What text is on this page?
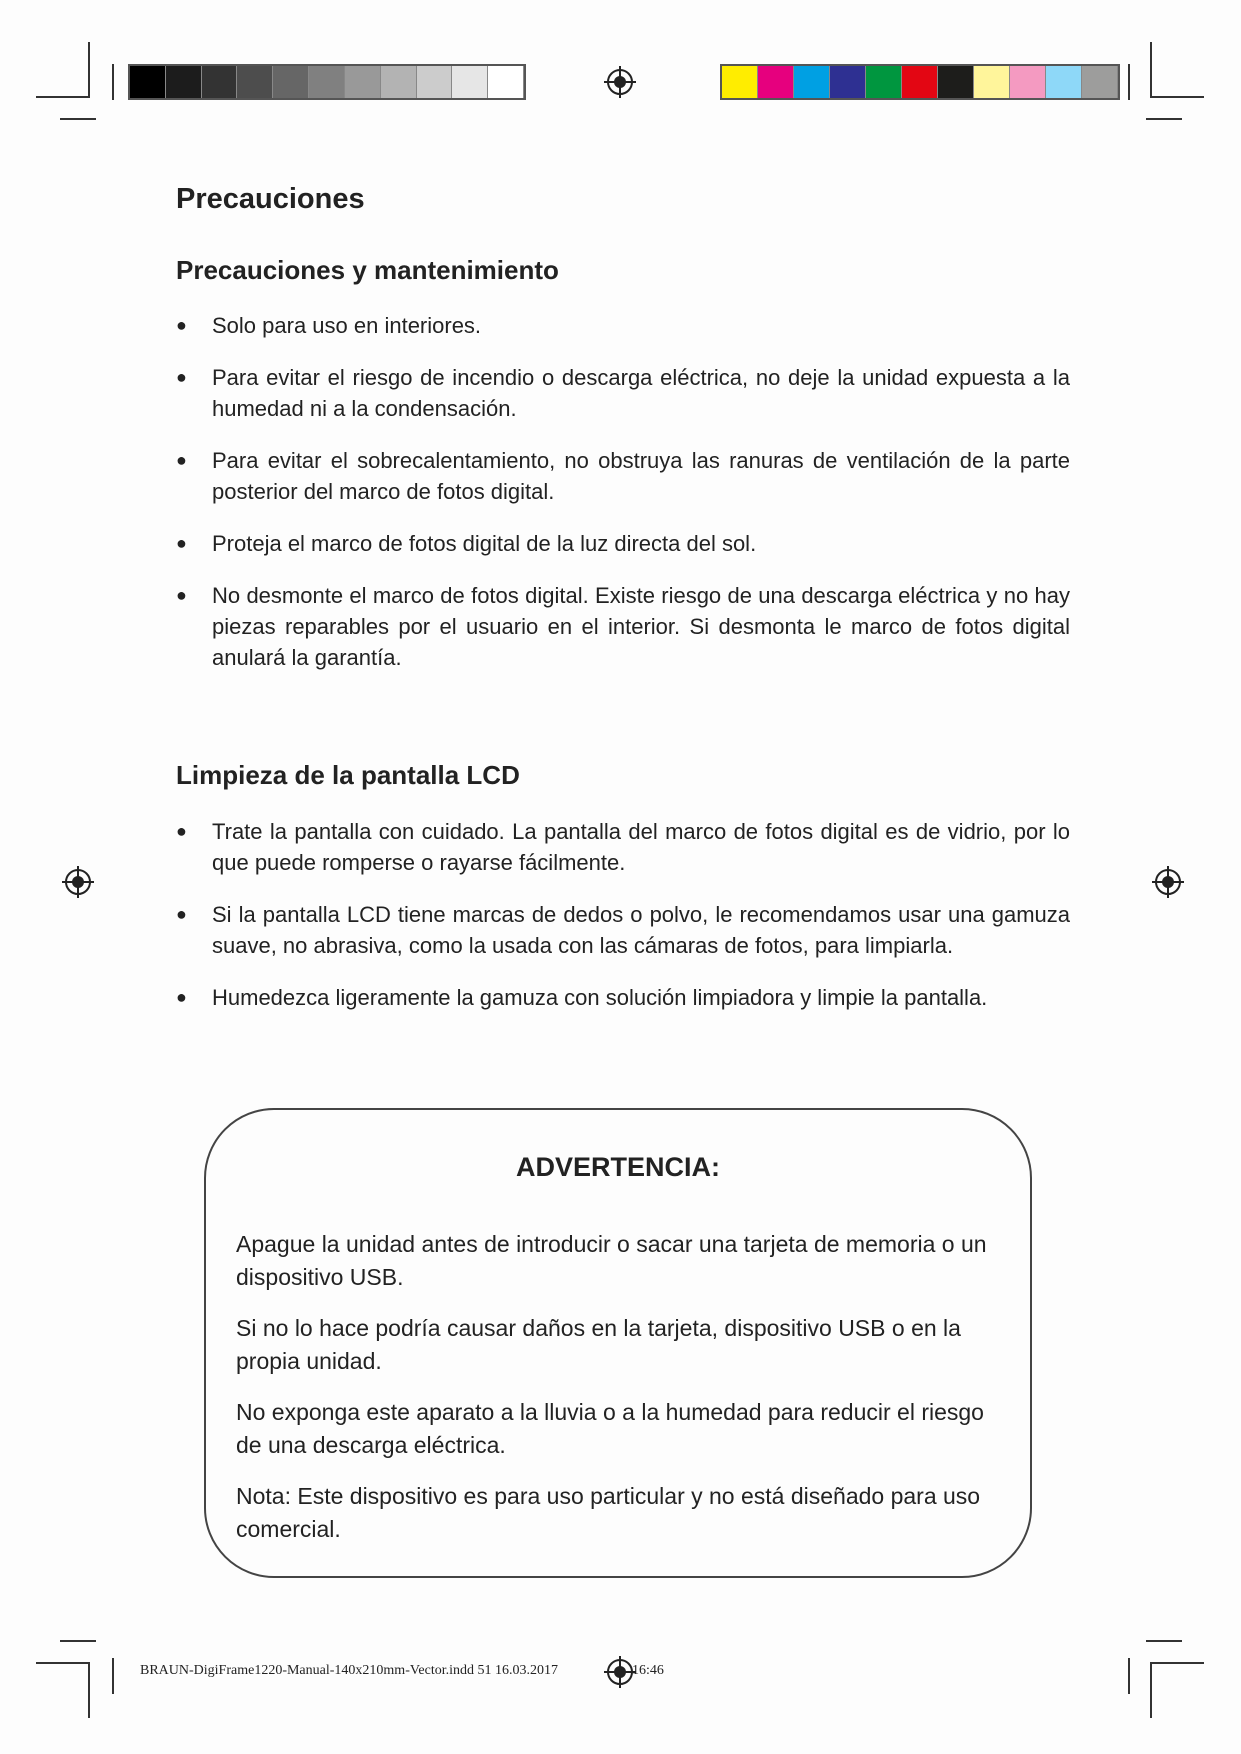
Precauciones
Precauciones y mantenimiento
● Solo para uso en interiores.
● Para evitar el riesgo de incendio o descarga eléctrica, no deje la unidad expuesta a la humedad ni a la condensación.
● Para evitar el sobrecalentamiento, no obstruya las ranuras de ventilación de la parte posterior del marco de fotos digital.
● Proteja el marco de fotos digital de la luz directa del sol.
● No desmonte el marco de fotos digital. Existe riesgo de una descarga eléctrica y no hay piezas reparables por el usuario en el interior. Si desmonta le marco de fotos digital anulará la garantía.
Limpieza de la pantalla LCD
● Trate la pantalla con cuidado. La pantalla del marco de fotos digital es de vidrio, por lo que puede romperse o rayarse fácilmente.
● Si la pantalla LCD tiene marcas de dedos o polvo, le recomendamos usar una gamuza suave, no abrasiva, como la usada con las cámaras de fotos, para limpiarla.
● Humedezca ligeramente la gamuza con solución limpiadora y limpie la pantalla.
ADVERTENCIA:
Apague la unidad antes de introducir o sacar una tarjeta de memoria o un dispositivo USB.
Si no lo hace podría causar daños en la tarjeta, dispositivo USB o en la propia unidad.
No exponga este aparato a la lluvia o a la humedad para reducir el riesgo de una descarga eléctrica.
Nota: Este dispositivo es para uso particular y no está diseñado para uso comercial.
BRAUN-DigiFrame1220-Manual-140x210mm-Vector.indd 51 16.03.2017	16:46
